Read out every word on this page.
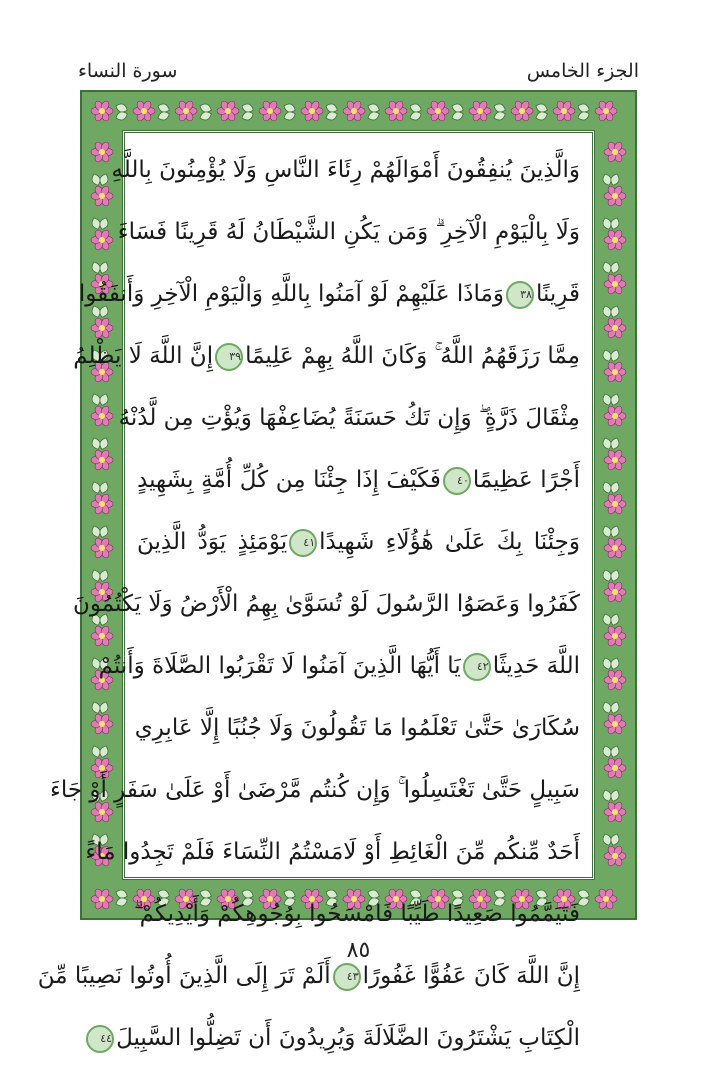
سورة النساء	الجزء الخامس
وَالَّذِينَ يُنفِقُونَ أَمْوَالَهُمْ رِئَاءَ النَّاسِ وَلَا يُؤْمِنُونَ بِاللَّهِ
وَلَا بِالْيَوْمِ الْآخِرِ ۗ وَمَن يَكُنِ الشَّيْطَانُ لَهُ قَرِينًا فَسَاءَ
قَرِينًا٣٨وَمَاذَا عَلَيْهِمْ لَوْ آمَنُوا بِاللَّهِ وَالْيَوْمِ الْآخِرِ وَأَنفَقُوا
مِمَّا رَزَقَهُمُ اللَّهُ ۚ وَكَانَ اللَّهُ بِهِمْ عَلِيمًا٣٩إِنَّ اللَّهَ لَا يَظْلِمُ
مِثْقَالَ ذَرَّةٍ ۖ وَإِن تَكُ حَسَنَةً يُضَاعِفْهَا وَيُؤْتِ مِن لَّدُنْهُ
أَجْرًا عَظِيمًا٤٠فَكَيْفَ إِذَا جِئْنَا مِن كُلِّ أُمَّةٍ بِشَهِيدٍ
وَجِئْنَا بِكَ عَلَىٰ هَٰؤُلَاءِ شَهِيدًا٤١يَوْمَئِذٍ يَوَدُّ الَّذِينَ
كَفَرُوا وَعَصَوُا الرَّسُولَ لَوْ تُسَوَّىٰ بِهِمُ الْأَرْضُ وَلَا يَكْتُمُونَ
اللَّهَ حَدِيثًا٤٢يَا أَيُّهَا الَّذِينَ آمَنُوا لَا تَقْرَبُوا الصَّلَاةَ وَأَنتُمْ
سُكَارَىٰ حَتَّىٰ تَعْلَمُوا مَا تَقُولُونَ وَلَا جُنُبًا إِلَّا عَابِرِي
سَبِيلٍ حَتَّىٰ تَغْتَسِلُوا ۚ وَإِن كُنتُم مَّرْضَىٰ أَوْ عَلَىٰ سَفَرٍ أَوْ جَاءَ
أَحَدٌ مِّنكُم مِّنَ الْغَائِطِ أَوْ لَامَسْتُمُ النِّسَاءَ فَلَمْ تَجِدُوا مَاءً
فَتَيَمَّمُوا صَعِيدًا طَيِّبًا فَامْسَحُوا بِوُجُوهِكُمْ وَأَيْدِيكُمْ ۗ
إِنَّ اللَّهَ كَانَ عَفُوًّا غَفُورًا٤٣أَلَمْ تَرَ إِلَى الَّذِينَ أُوتُوا نَصِيبًا مِّنَ
الْكِتَابِ يَشْتَرُونَ الضَّلَالَةَ وَيُرِيدُونَ أَن تَضِلُّوا السَّبِيلَ٤٤
٨٥
